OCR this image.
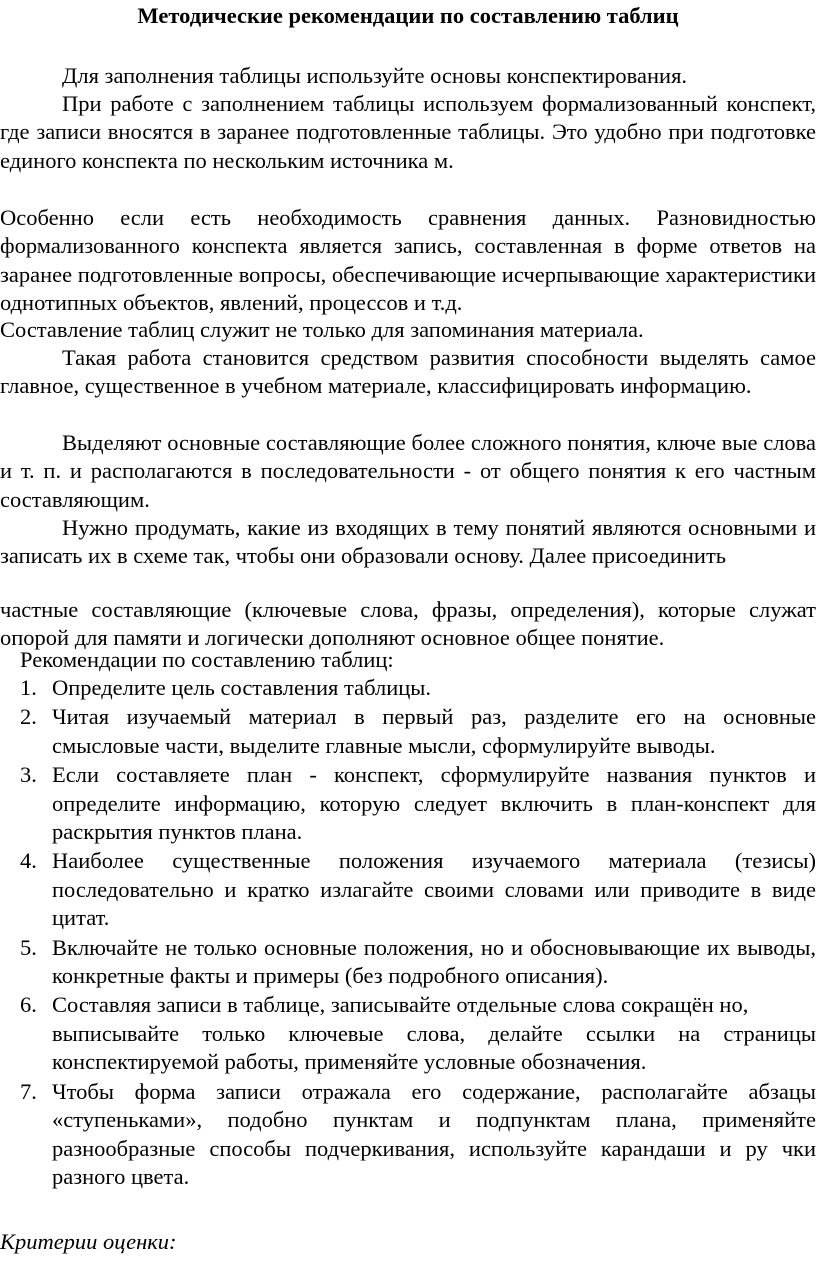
Методические рекомендации по составлению таблиц

Для заполнения таблицы используйте основы конспектирования.

При работе с заполнением таблицы используем формализованный конспект, где записи вносятся в заранее подготовленные таблицы. Это удобно при подготовке единого конспекта по нескольким источника м.

Особенно если есть необходимость сравнения данных. Разновидностью формализованного конспекта является запись, составленная в форме ответов на заранее подготовленные вопросы, обеспечивающие исчерпывающие характеристики однотипных объектов, явлений, процессов и т.д.

Составление таблиц служит не только для запоминания материала.

Такая работа становится средством развития способности выделять самое главное, существенное в учебном материале, классифицировать информацию.

Выделяют основные составляющие более сложного понятия, ключе вые слова и т. п. и располагаются в последовательности - от общего понятия к его частным составляющим.

Нужно продумать, какие из входящих в тему понятий являются основными и записать их в схеме так, чтобы они образовали основу. Далее присоединить

частные составляющие (ключевые слова, фразы, определения), которые служат опорой для памяти и логически дополняют основное общее понятие.

Рекомендации по составлению таблиц:

1. Определите цель составления таблицы.
2. Читая изучаемый материал в первый раз, разделите его на основные смысловые части, выделите главные мысли, сформулируйте выводы.
3. Если составляете план - конспект, сформулируйте названия пунктов и определите информацию, которую следует включить в план-конспект для раскрытия пунктов плана.
4. Наиболее существенные положения изучаемого материала (тезисы) последовательно и кратко излагайте своими словами или приводите в виде цитат.
5. Включайте не только основные положения, но и обосновывающие их выводы, конкретные факты и примеры (без подробного описания).
6. Составляя записи в таблице, записывайте отдельные слова сокращён но,
выписывайте только ключевые слова, делайте ссылки на страницы конспектируемой работы, применяйте условные обозначения.
7. Чтобы форма записи отражала его содержание, располагайте абзацы «ступеньками», подобно пунктам и подпунктам плана, применяйте разнообразные способы подчеркивания, используйте карандаши и ру чки разного цвета.

Критерии оценки:
